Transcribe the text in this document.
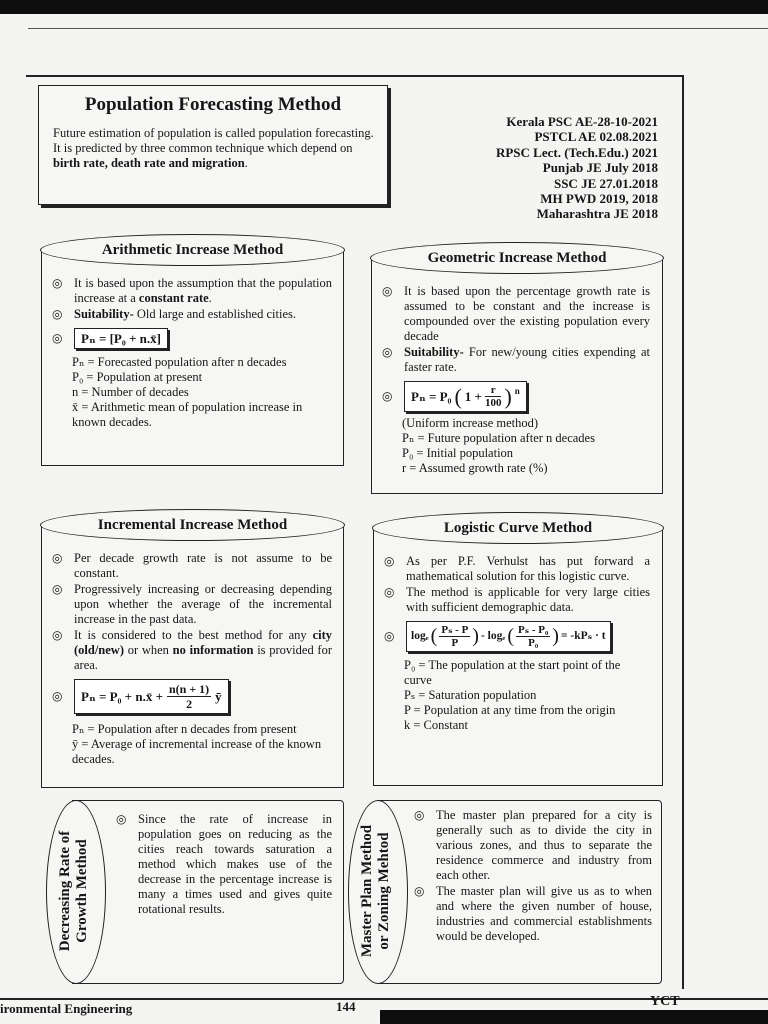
Population Forecasting Method
Future estimation of population is called population forecasting.
It is predicted by three common technique which depend on birth rate, death rate and migration.
Kerala PSC AE-28-10-2021
PSTCL AE 02.08.2021
RPSC Lect. (Tech.Edu.) 2021
Punjab JE July 2018
SSC JE 27.01.2018
MH PWD 2019, 2018
Maharashtra JE 2018
Arithmetic Increase Method
◎ It is based upon the assumption that the population increase at a constant rate.
◎ Suitability- Old large and established cities.
◎	Pₙ = [P₀ + n.x̄]
Pₙ = Forecasted population after n decades
P₀ = Population at present
n = Number of decades
x̄ = Arithmetic mean of population increase in known decades.
Geometric Increase Method
◎ It is based upon the percentage growth rate is assumed to be constant and the increase is compounded over the existing population every decade
◎ Suitability- For new/young cities expending at faster rate.
◎	Pₙ = P₀ ( $1 + \frac{r}{100}$ ) $^n$
(Uniform increase method)
Pₙ = Future population after n decades
P₀ = Initial population
r = Assumed growth rate (%)
Incremental Increase Method
◎ Per decade growth rate is not assume to be constant.
◎ Progressively increasing or decreasing depending upon whether the average of the incremental increase in the past data.
◎ It is considered to the best method for any city (old/new) or when no information is provided for area.
◎	Pₙ = P₀ + n.x̄ + $\frac{n(n + 1)}{2}$ ȳ
Pₙ = Population after n decades from present
ȳ = Average of incremental increase of the known decades.
Logistic Curve Method
◎ As per P.F. Verhulst has put forward a mathematical solution for this logistic curve.
◎ The method is applicable for very large cities with sufficient demographic data.
◎	logₑ ( $\frac{\text{Pₛ - P}}{P}$ ) - logₑ ( $\frac{\text{Pₛ - P₀}}{\text{P₀}}$ ) = -kPₛ · t
P₀ = The population at the start point of the curve
Pₛ = Saturation population
P = Population at any time from the origin
k = Constant
Decreasing Rate of Growth Method
◎ Since the rate of increase in population goes on reducing as the cities reach towards saturation a method which makes use of the decrease in the percentage increase is many a times used and gives quite rotational results.	Master Plan Method or Zoning Mehtod
◎ The master plan prepared for a city is generally such as to divide the city in various zones, and thus to separate the residence commerce and industry from each other.
◎ The master plan will give us as to when and where the given number of house, industries and commercial establishments would be developed.
ironmental Engineering	144	YCT
